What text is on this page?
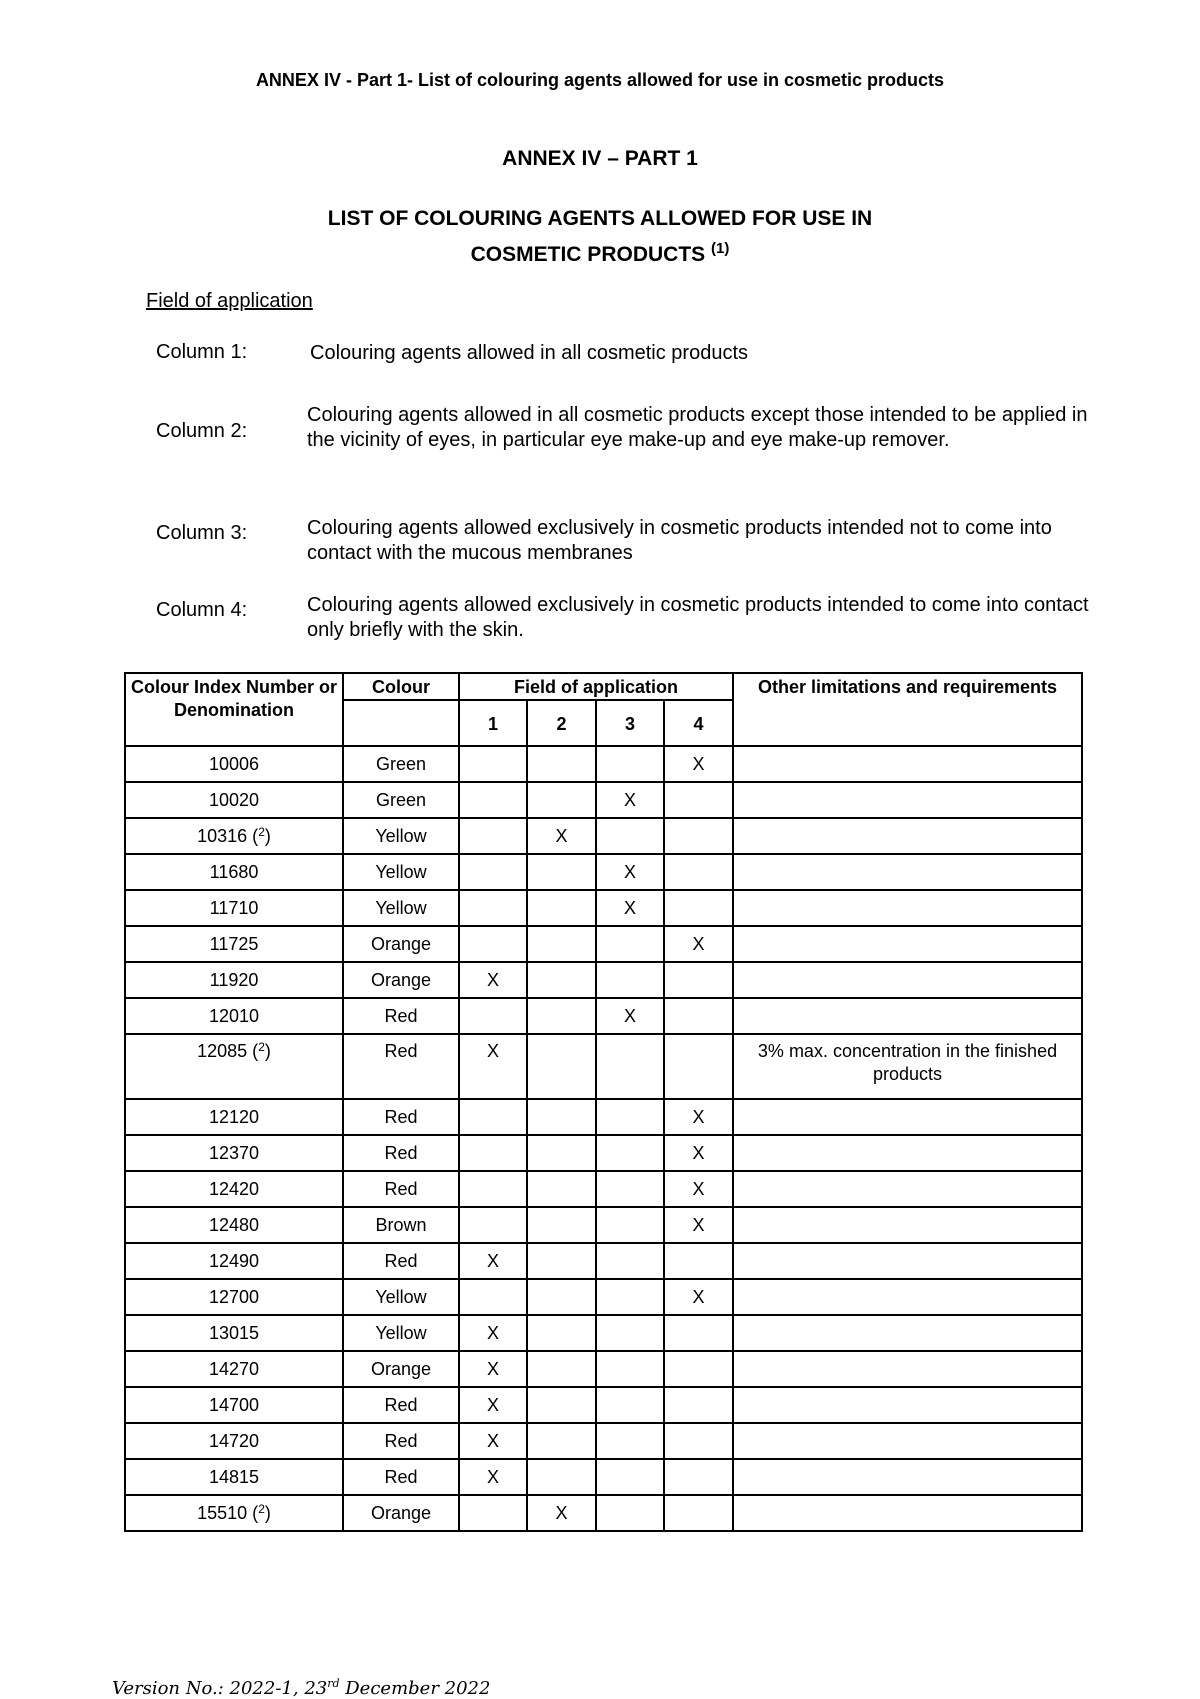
ANNEX IV - Part 1- List of colouring agents allowed for use in cosmetic products
ANNEX IV – PART 1
LIST OF COLOURING AGENTS ALLOWED FOR USE IN
COSMETIC PRODUCTS $^{(1)}$
Field of application
Column 1:	Colouring agents allowed in all cosmetic products
Column 2:
Colouring agents allowed in all cosmetic products except those intended to be applied in the vicinity of eyes, in particular eye make-up and eye make-up remover.
Column 3:	Colouring agents allowed exclusively in cosmetic products intended not to come into contact with the mucous membranes
Column 4:	Colouring agents allowed exclusively in cosmetic products intended to come into contact only briefly with the skin.
Colour Index Number or Denomination	Colour	Field of application				Other limitations and requirements
		1	2	3	4	
10006	Green				X	
10020	Green			X		
10316 ($^2$)	Yellow		X			
11680	Yellow			X		
11710	Yellow			X		
11725	Orange				X	
11920	Orange	X				
12010	Red			X		
12085 ($^2$)	Red	X				3% max. concentration in the finished products
12120	Red				X	
12370	Red				X	
12420	Red				X	
12480	Brown				X	
12490	Red	X				
12700	Yellow				X	
13015	Yellow	X				
14270	Orange	X				
14700	Red	X				
14720	Red	X				
14815	Red	X				
15510 ($^2$)	Orange		X			
Version No.: 2022-1, 23rd December 2022
